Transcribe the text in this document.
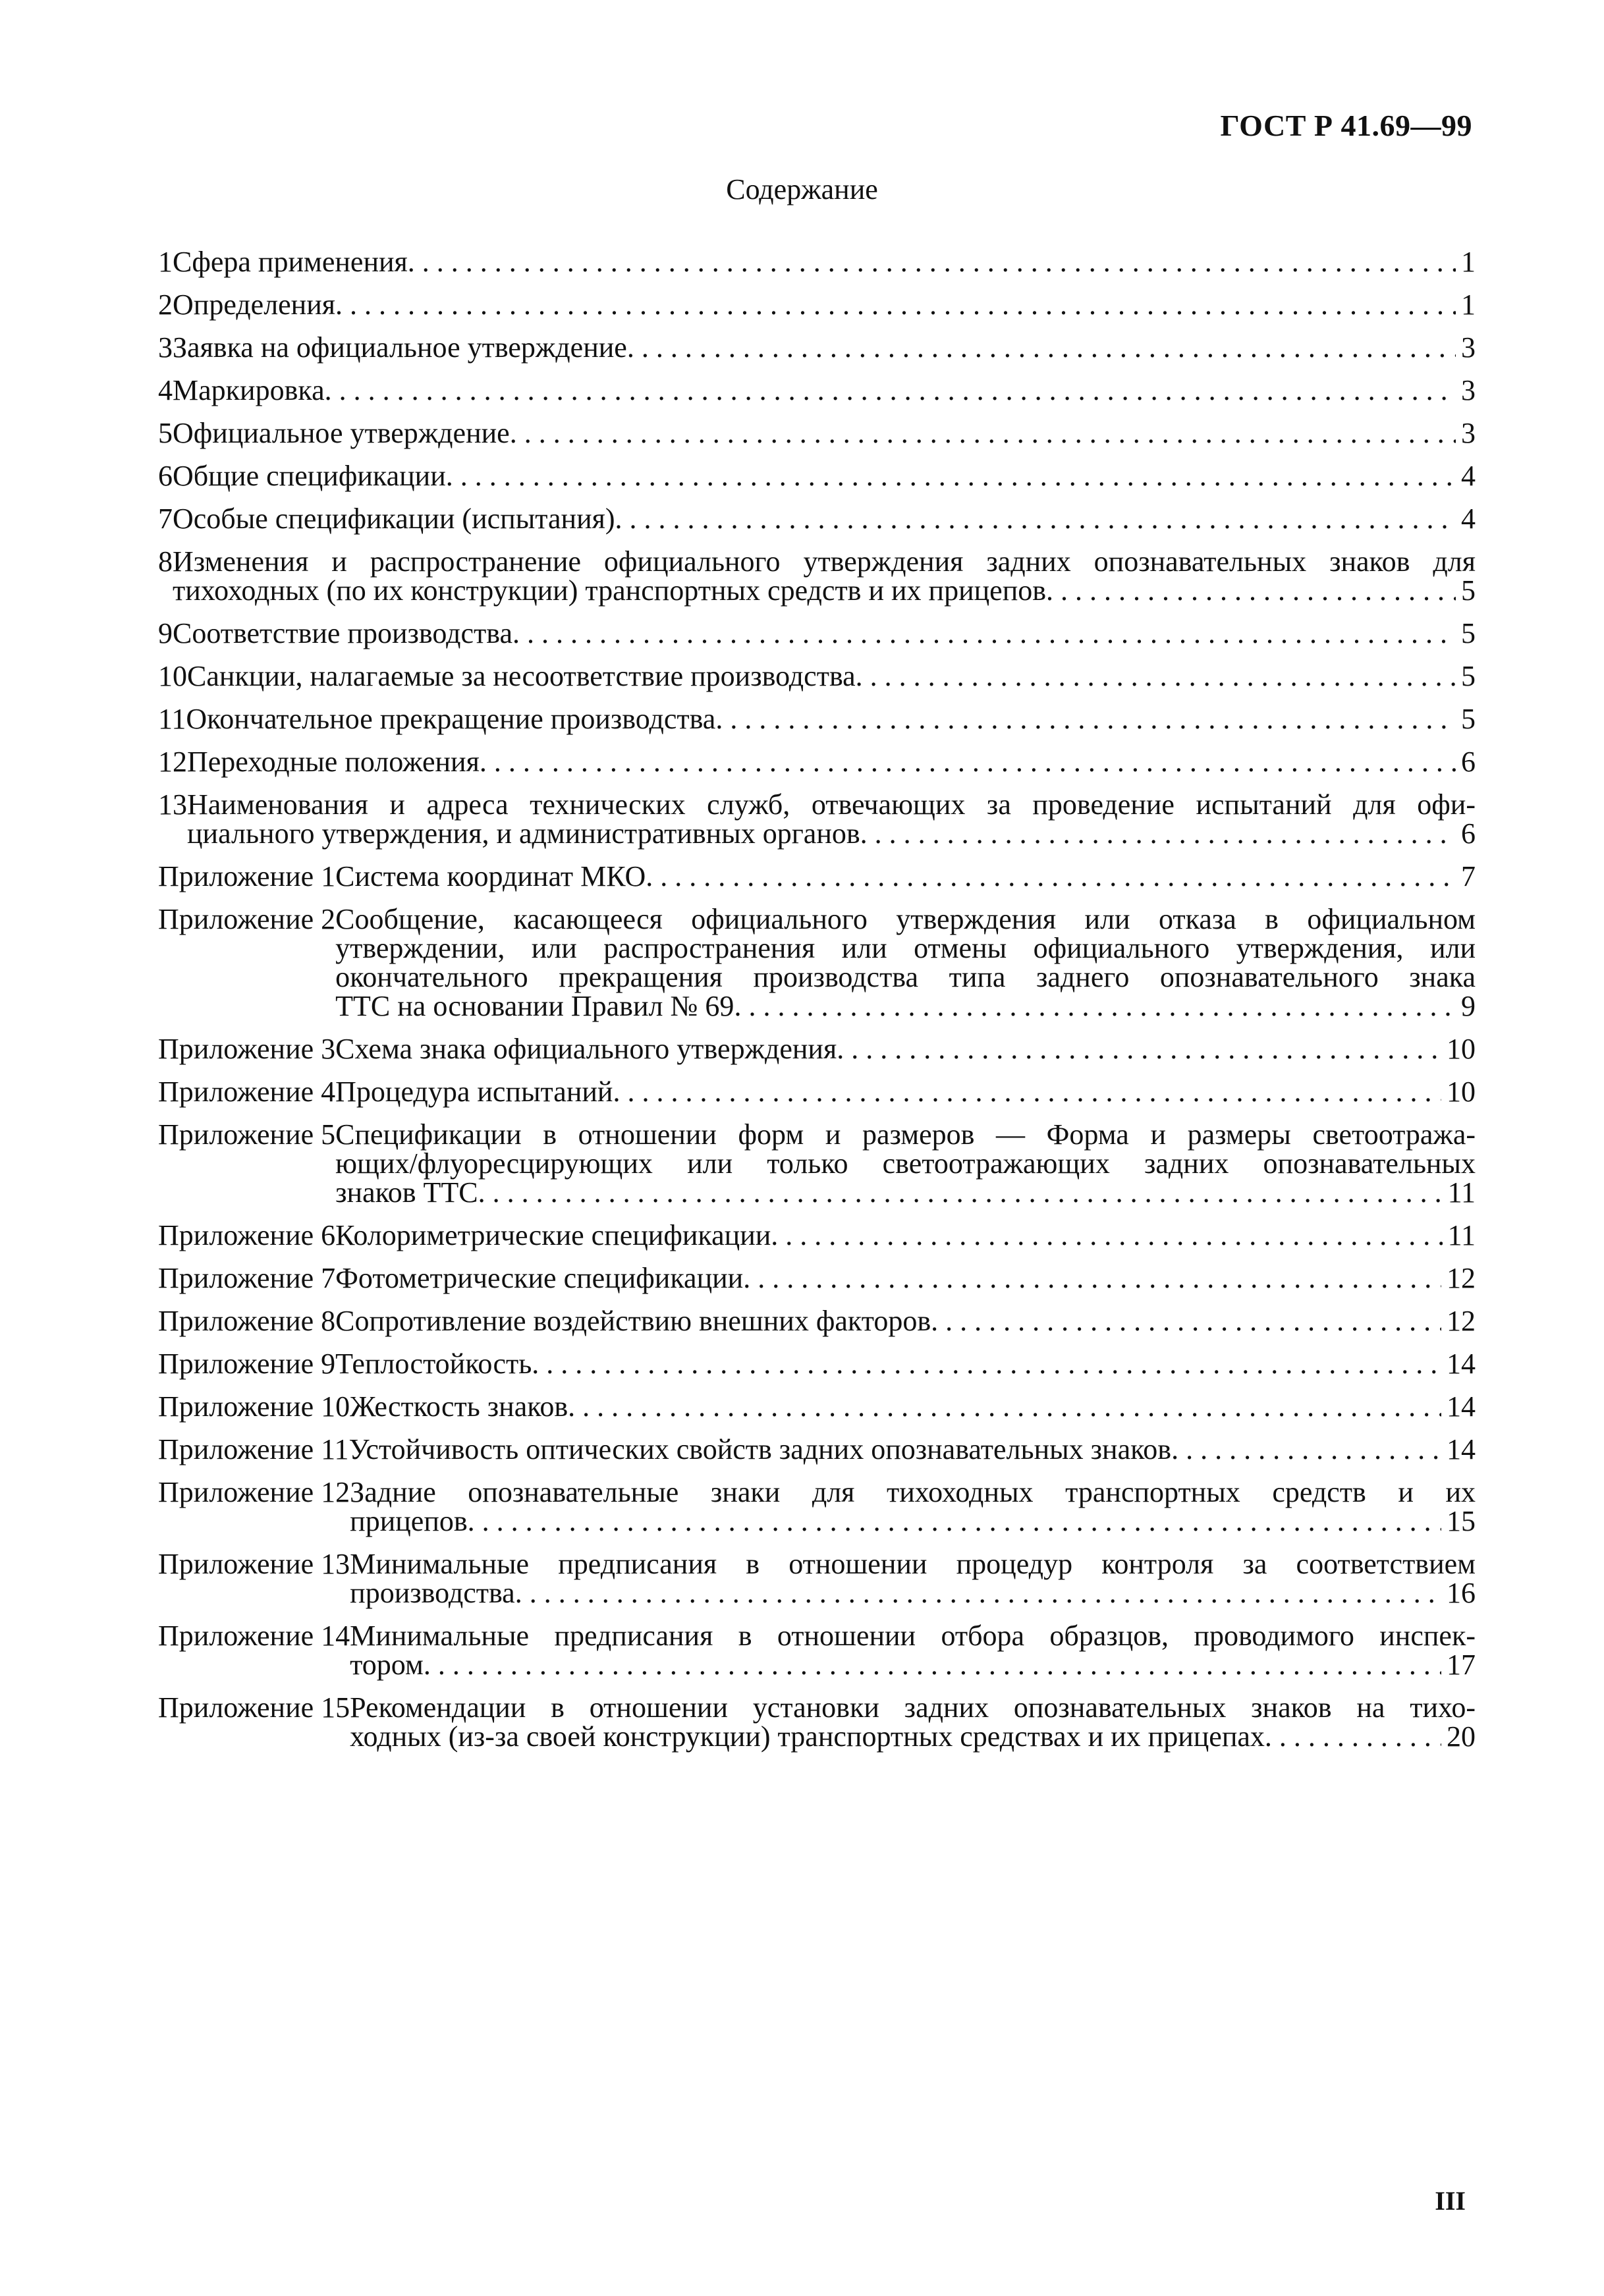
ГОСТ Р 41.69—99
Содержание
1 Сфера применения . . .	1
2 Определения . . .	1
3 Заявка на официальное утверждение . . .	3
4 Маркировка . . .	3
5 Официальное утверждение . . .	3
6 Общие спецификации . . .	4
7 Особые спецификации (испытания) . . .	4
8 Изменения и распространение официального утверждения задних опознавательных знаков для
тихоходных (по их конструкции) транспортных средств и их прицепов . . .	5
9 Соответствие производства . . .	5
10 Санкции, налагаемые за несоответствие производства . . .	5
11 Окончательное прекращение производства . . .	5
12 Переходные положения . . .	6
13 Наименования и адреса технических служб, отвечающих за проведение испытаний для офи-
циального утверждения, и административных органов . . .	6
Приложение 1 Система координат МКО . . .	7
Приложение 2 Сообщение, касающееся официального утверждения или отказа в официальном
утверждении, или распространения или отмены официального утверждения, или
окончательного прекращения производства типа заднего опознавательного знака
ТТС на основании Правил № 69 . . .	9
Приложение 3 Схема знака официального утверждения . . .	10
Приложение 4 Процедура испытаний . . .	10
Приложение 5 Спецификации в отношении форм и размеров — Форма и размеры светоотража-
ющих/флуоресцирующих или только светоотражающих задних опознавательных
знаков ТТС . . .	11
Приложение 6 Колориметрические спецификации . . .	11
Приложение 7 Фотометрические спецификации . . .	12
Приложение 8 Сопротивление воздействию внешних факторов . . .	12
Приложение 9 Теплостойкость . . .	14
Приложение 10 Жесткость знаков . . .	14
Приложение 11 Устойчивость оптических свойств задних опознавательных знаков . . .	14
Приложение 12 Задние опознавательные знаки для тихоходных транспортных средств и их
прицепов . . .	15
Приложение 13 Минимальные предписания в отношении процедур контроля за соответствием
производства . . .	16
Приложение 14 Минимальные предписания в отношении отбора образцов, проводимого инспек-
тором . . .	17
Приложение 15 Рекомендации в отношении установки задних опознавательных знаков на тихо-
ходных (из-за своей конструкции) транспортных средствах и их прицепах . . .	20
III
